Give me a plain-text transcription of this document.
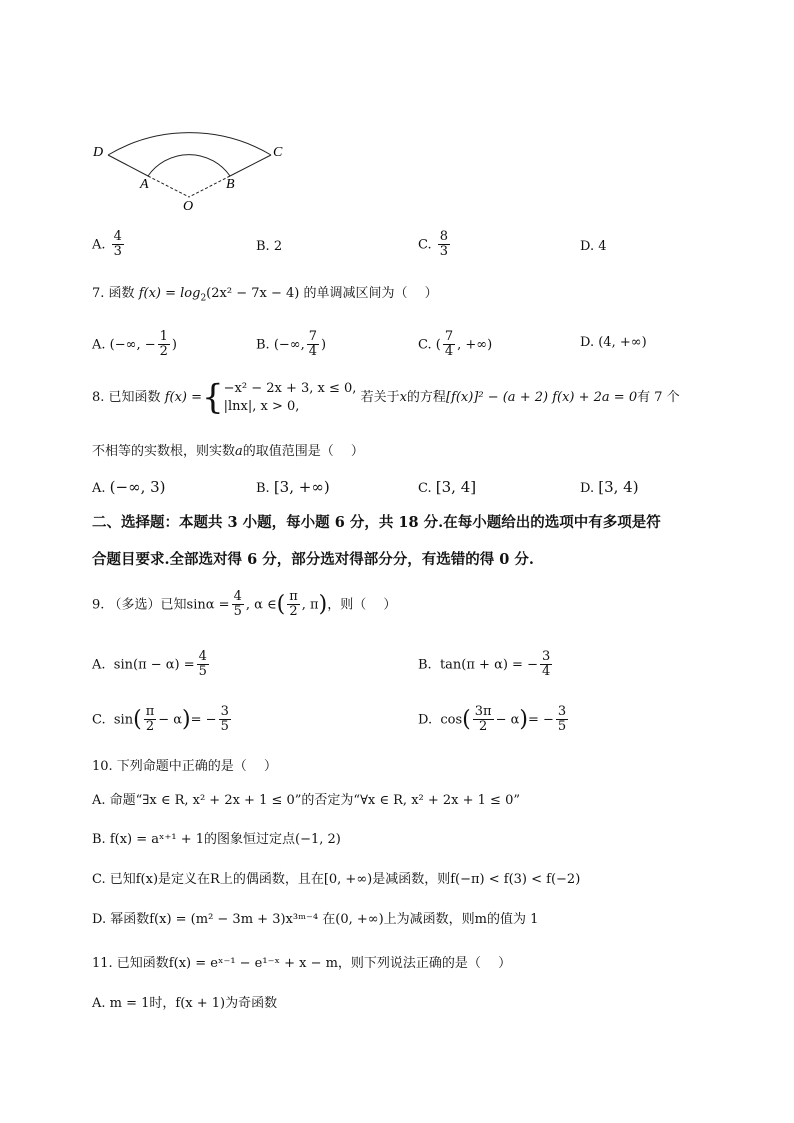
D	C
A	B
O
A. $\frac{4}{3}$	B. 2	C. $\frac{8}{3}$	D. 4
7. 函数 $f(x) = \log_2(2x^2 - 7x - 4)$ 的单调减区间为（　 ）
A. (−∞, − $\frac{1}{2}$ )	B. (−∞, $\frac{7}{4}$ )	C. ( $\frac{7}{4}$ , +∞)	D. (4, +∞)
8. 已知函数 f(x) ={−x² − 2x + 3, x ≤ 0,
|lnx|, x > 0, 若关于x的方程[f(x)]² − (a + 2) f(x) + 2a = 0有 7 个
不相等的实数根，则实数a的取值范围是（　 ）
A. (−∞, 3)	B. [3, +∞)	C. [3, 4]	D. [3, 4)
二、选择题：本题共 3 小题，每小题 6 分，共 18 分.在每小题给出的选项中有多项是符
合题目要求.全部选对得 6 分，部分选对得部分分，有选错的得 0 分.
9. （多选）已知$\sin\alpha = \frac{4}{5}$ , α ∈( $\frac{\pi}{2}$ , π)，则（　 ）
A. $\sin(\pi - \alpha) = \frac{4}{5}$	B. tan(π + α) = − $\frac{3}{4}$
C. $\sin( \frac{\pi}{2} - \alpha)= - \frac{3}{5}$	D. $\cos( \frac{3\pi}{2} - \alpha)= - \frac{3}{5}$
10. 下列命题中正确的是（　 ）
A. 命题“∃x ∈ R, x² + 2x + 1 ≤ 0”的否定为“∀x ∈ R, x² + 2x + 1 ≤ 0”
B. f(x) = aˣ⁺¹ + 1的图象恒过定点(−1, 2)
C. 已知f(x)是定义在R上的偶函数，且在[0, +∞)是减函数，则f(−π) < f(3) < f(−2)
D. 幂函数f(x) = (m² − 3m + 3)x³ᵐ⁻⁴ 在(0, +∞)上为减函数，则m的值为 1
11. 已知函数f(x) = eˣ⁻¹ − e¹⁻ˣ + x − m，则下列说法正确的是（　 ）
A. m = 1时，f(x + 1)为奇函数
